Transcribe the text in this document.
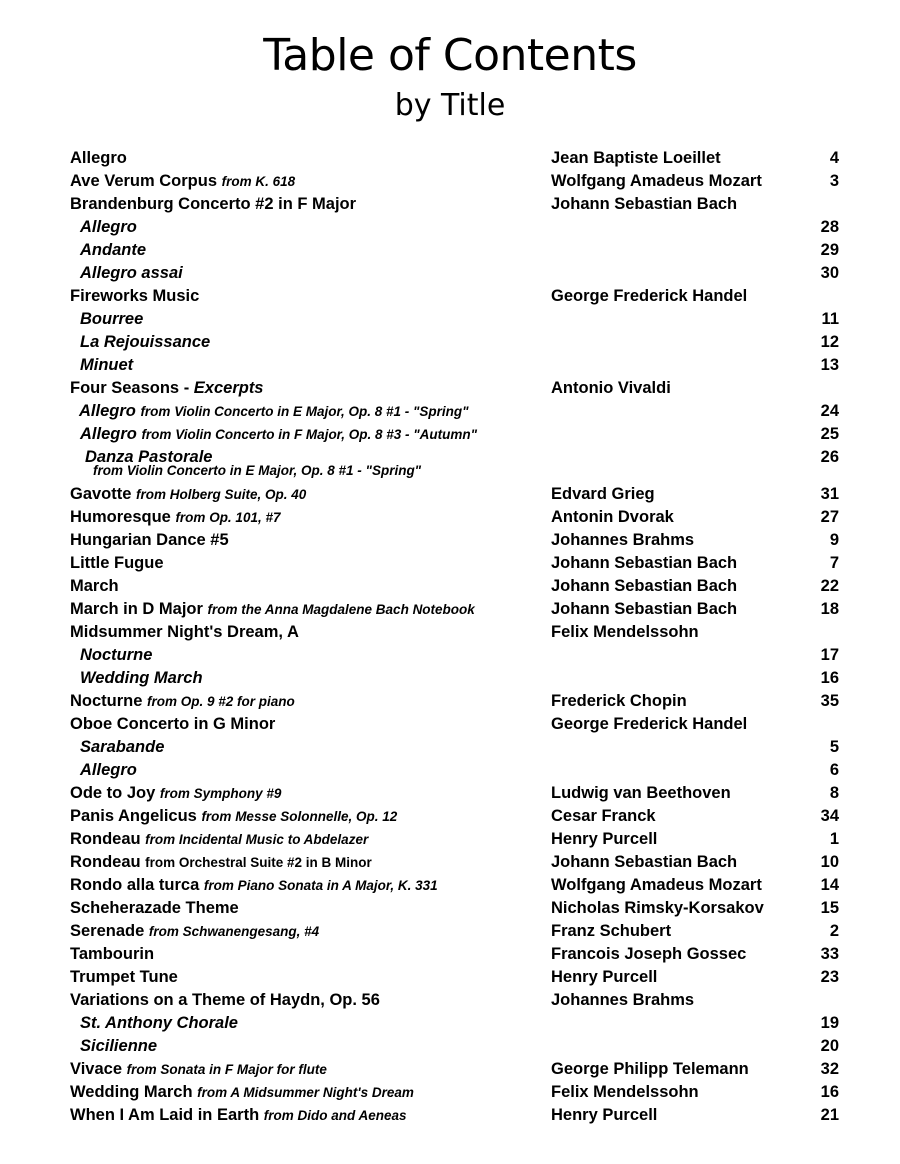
Table of Contents
by Title
Allegro	Jean Baptiste Loeillet	4
Ave Verum Corpus from K. 618	Wolfgang Amadeus Mozart	3
Brandenburg Concerto #2 in F Major	Johann Sebastian Bach
Allegro	28
Andante	29
Allegro assai	30
Fireworks Music	George Frederick Handel
Bourree	11
La Rejouissance	12
Minuet	13
Four Seasons - Excerpts	Antonio Vivaldi
Allegro from Violin Concerto in E Major, Op. 8 #1 - "Spring"	24
Allegro from Violin Concerto in F Major, Op. 8 #3 - "Autumn"	25
Danza Pastorale	26
from Violin Concerto in E Major, Op. 8 #1 - "Spring"
Gavotte from Holberg Suite, Op. 40	Edvard Grieg	31
Humoresque from Op. 101, #7	Antonin Dvorak	27
Hungarian Dance #5	Johannes Brahms	9
Little Fugue	Johann Sebastian Bach	7
March	Johann Sebastian Bach	22
March in D Major from the Anna Magdalene Bach Notebook	Johann Sebastian Bach	18
Midsummer Night's Dream, A	Felix Mendelssohn
Nocturne	17
Wedding March	16
Nocturne from Op. 9 #2 for piano	Frederick Chopin	35
Oboe Concerto in G Minor	George Frederick Handel
Sarabande	5
Allegro	6
Ode to Joy from Symphony #9	Ludwig van Beethoven	8
Panis Angelicus from Messe Solonnelle, Op. 12	Cesar Franck	34
Rondeau from Incidental Music to Abdelazer	Henry Purcell	1
Rondeau from Orchestral Suite #2 in B Minor	Johann Sebastian Bach	10
Rondo alla turca from Piano Sonata in A Major, K. 331	Wolfgang Amadeus Mozart	14
Scheherazade Theme	Nicholas Rimsky-Korsakov	15
Serenade from Schwanengesang, #4	Franz Schubert	2
Tambourin	Francois Joseph Gossec	33
Trumpet Tune	Henry Purcell	23
Variations on a Theme of Haydn, Op. 56	Johannes Brahms
St. Anthony Chorale	19
Sicilienne	20
Vivace from Sonata in F Major for flute	George Philipp Telemann	32
Wedding March from A Midsummer Night's Dream	Felix Mendelssohn	16
When I Am Laid in Earth from Dido and Aeneas	Henry Purcell	21
